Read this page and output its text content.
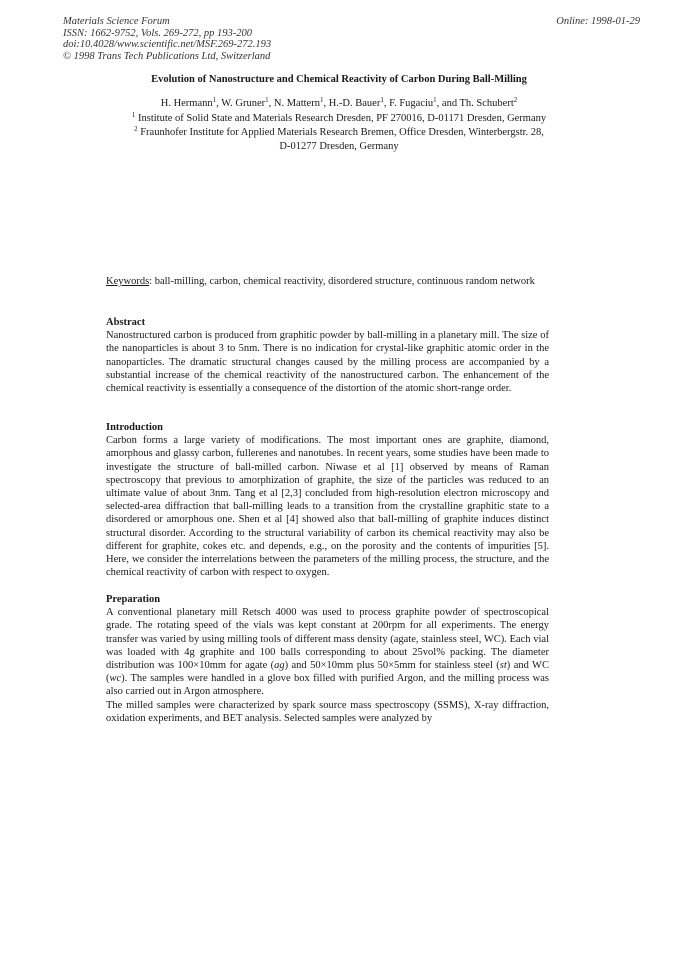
Materials Science Forum
ISSN: 1662-9752, Vols. 269-272, pp 193-200
doi:10.4028/www.scientific.net/MSF.269-272.193
© 1998 Trans Tech Publications Ltd, Switzerland
Online: 1998-01-29
Evolution of Nanostructure and Chemical Reactivity of Carbon During Ball-Milling
H. Hermann$^1$, W. Gruner$^1$, N. Mattern$^1$, H.-D. Bauer$^1$, F. Fugaciu$^1$, and Th. Schubert$^2$
$^1$ Institute of Solid State and Materials Research Dresden, PF 270016, D-01171 Dresden, Germany
$^2$ Fraunhofer Institute for Applied Materials Research Bremen, Office Dresden, Winterbergstr. 28,
D-01277 Dresden, Germany
Keywords: ball-milling, carbon, chemical reactivity, disordered structure, continuous random network
Abstract

Nanostructured carbon is produced from graphitic powder by ball-milling in a planetary mill. The size of the nanoparticles is about 3 to 5nm. There is no indication for crystal-like graphitic atomic order in the nanoparticles. The dramatic structural changes caused by the milling process are accompanied by a substantial increase of the chemical reactivity of the nanostructured carbon. The enhancement of the chemical reactivity is essentially a consequence of the distortion of the atomic short-range order.

Introduction

Carbon forms a large variety of modifications. The most important ones are graphite, diamond, amorphous and glassy carbon, fullerenes and nanotubes. In recent years, some studies have been made to investigate the structure of ball-milled carbon. Niwase et al [1] observed by means of Raman spectroscopy that previous to amorphization of graphite, the size of the particles was reduced to an ultimate value of about 3nm. Tang et al [2,3] concluded from high-resolution electron microscopy and selected-area diffraction that ball-milling leads to a transition from the crystalline graphitic state to a disordered or amorphous one. Shen et al [4] showed also that ball-milling of graphite induces distinct structural disorder. According to the structural variability of carbon its chemical reactivity may also be different for graphite, cokes etc. and depends, e.g., on the porosity and the contents of impurities [5]. Here, we consider the interrelations between the parameters of the milling process, the structure, and the chemical reactivity of carbon with respect to oxygen.

Preparation

A conventional planetary mill Retsch 4000 was used to process graphite powder of spectroscopical grade. The rotating speed of the vials was kept constant at 200rpm for all experiments. The energy transfer was varied by using milling tools of different mass density (agate, stainless steel, WC). Each vial was loaded with 4g graphite and 100 balls corresponding to about 25vol% packing. The diameter distribution was 100×10mm for agate (ag) and 50×10mm plus 50×5mm for stainless steel (st) and WC (wc). The samples were handled in a glove box filled with purified Argon, and the milling process was also carried out in Argon atmosphere.

The milled samples were characterized by spark source mass spectroscopy (SSMS), X-ray diffraction, oxidation experiments, and BET analysis. Selected samples were analyzed by
